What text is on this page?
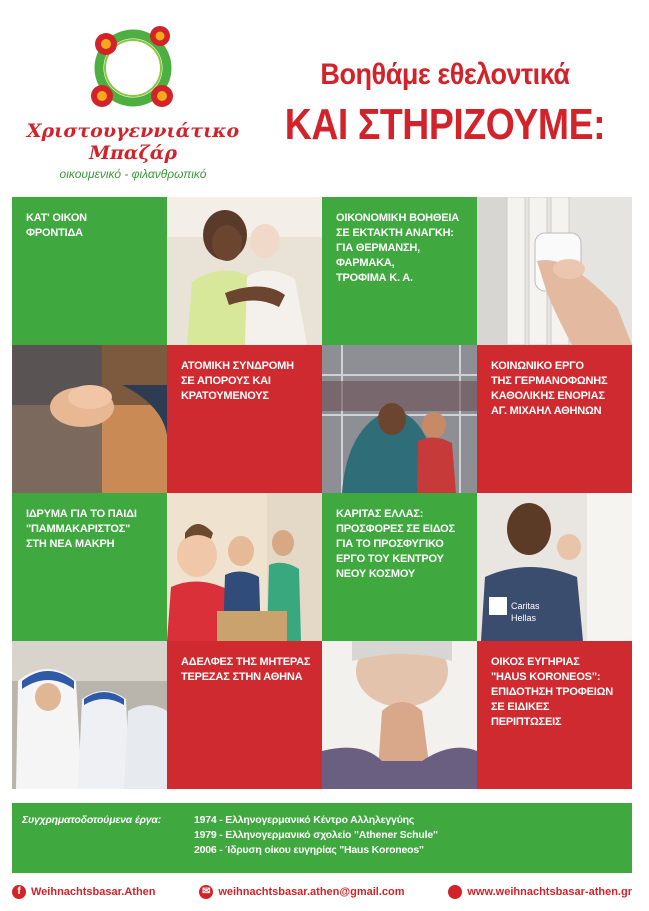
Χριστουγεννιάτικο
Μπαζάρ
οικουμενικό - φιλανθρωπικό
Βοηθάμε εθελοντικά
ΚΑΙ ΣΤΗΡΙΖΟΥΜΕ:
ΚΑΤ' ΟΙΚΟΝ
ΦΡΟΝΤΙΔΑ
ΟΙΚΟΝΟΜΙΚΗ ΒΟΗΘΕΙΑ
ΣΕ ΕΚΤΑΚΤΗ ΑΝΑΓΚΗ:
ΓΙΑ ΘΕΡΜΑΝΣΗ,
ΦΑΡΜΑΚΑ,
ΤΡΟΦΙΜΑ Κ. Α.
ΑΤΟΜΙΚΗ ΣΥΝΔΡΟΜΗ
ΣΕ ΑΠΟΡΟΥΣ ΚΑΙ
ΚΡΑΤΟΥΜΕΝΟΥΣ
ΚΟΙΝΩΝΙΚΟ ΕΡΓΟ
ΤΗΣ ΓΕΡΜΑΝΟΦΩΝΗΣ
ΚΑΘΟΛΙΚΗΣ ΕΝΟΡΙΑΣ
ΑΓ. ΜΙΧΑΗΛ ΑΘΗΝΩΝ
ΙΔΡΥΜΑ ΓΙΑ ΤΟ ΠΑΙΔΙ
"ΠΑΜΜΑΚΑΡΙΣΤΟΣ"
ΣΤΗ ΝΕΑ ΜΑΚΡΗ
ΚΑΡΙΤΑΣ ΕΛΛΑΣ:
ΠΡΟΣΦΟΡΕΣ ΣΕ ΕΙΔΟΣ
ΓΙΑ ΤΟ ΠΡΟΣΦΥΓΙΚΟ
ΕΡΓΟ ΤΟΥ ΚΕΝΤΡΟΥ
ΝΕΟΥ ΚΟΣΜΟΥ
Caritas
Hellas
ΑΔΕΛΦΕΣ ΤΗΣ ΜΗΤΕΡΑΣ
ΤΕΡΕΖΑΣ ΣΤΗΝ ΑΘΗΝΑ
ΟΙΚΟΣ ΕΥΓΗΡΙΑΣ
"HAUS KORONEOS":
ΕΠΙΔΟΤΗΣΗ ΤΡΟΦΕΙΩΝ
ΣΕ ΕΙΔΙΚΕΣ ΠΕΡΙΠΤΩΣΕΙΣ
Συγχρηματοδοτούμενα έργα:	1974 - Ελληνογερμανικό Κέντρο Αλληλεγγύης
1979 - Ελληνογερμανικό σχολείο "Athener Schule"
2006 - Ίδρυση οίκου ευγηρίας "Haus Koroneos"
f Weihnachtsbasar.Athen	✉ weihnachtsbasar.athen@gmail.com	www.weihnachtsbasar-athen.gr
